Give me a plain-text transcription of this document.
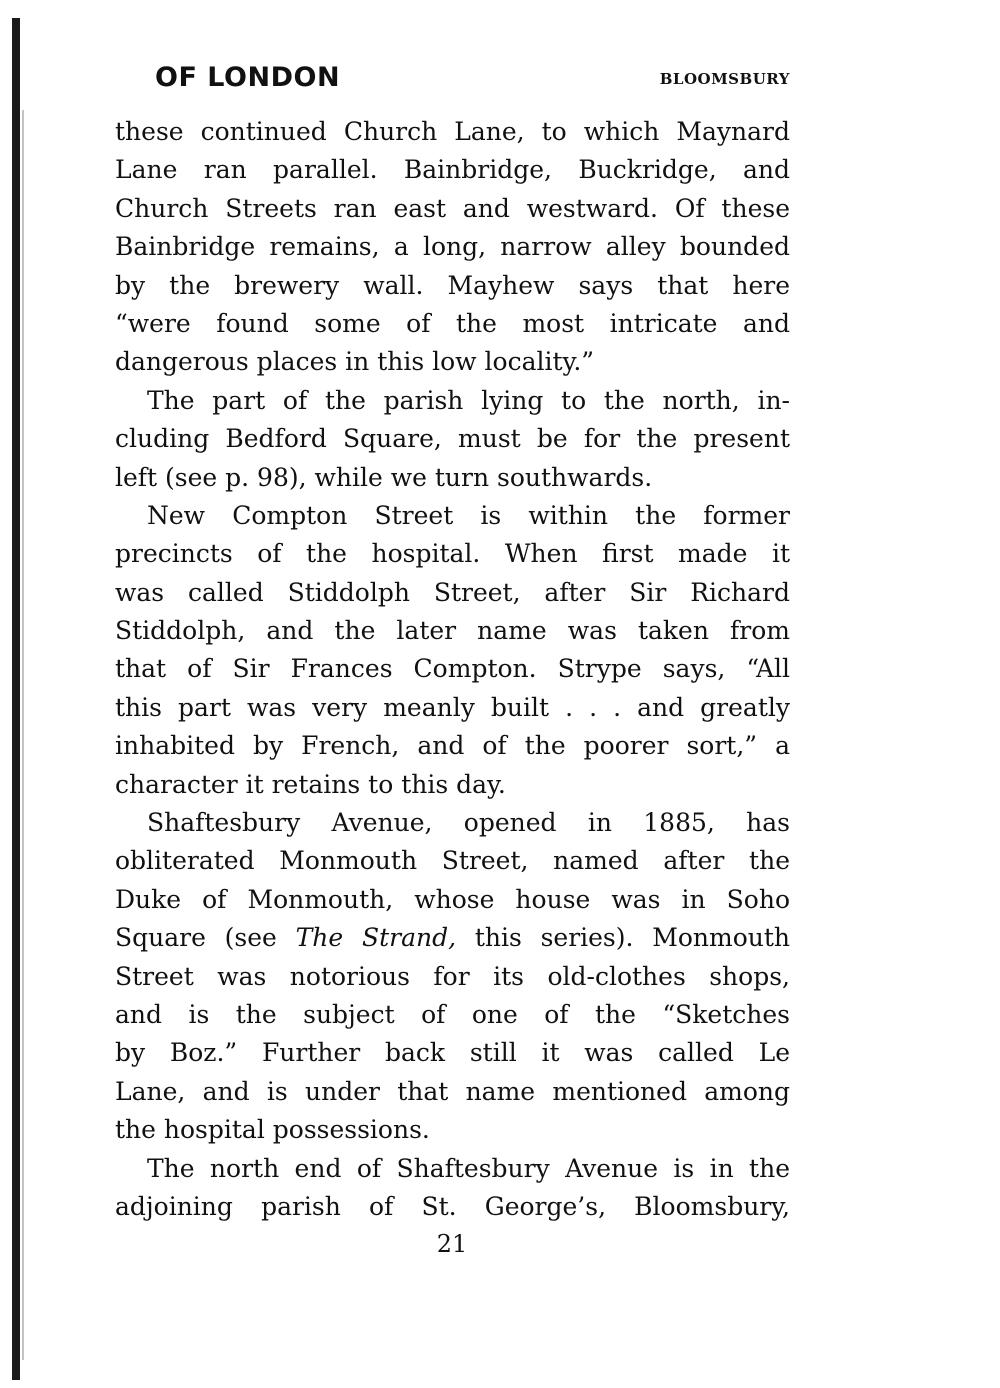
OF LONDON	BLOOMSBURY

these continued Church Lane, to which Maynard
Lane ran parallel. Bainbridge, Buckridge, and
Church Streets ran east and westward. Of these
Bainbridge remains, a long, narrow alley bounded
by the brewery wall. Mayhew says that here
“were found some of the most intricate and
dangerous places in this low locality.”

The part of the parish lying to the north, in-
cluding Bedford Square, must be for the present
left (see p. 98), while we turn southwards.

New Compton Street is within the former
precincts of the hospital. When first made it
was called Stiddolph Street, after Sir Richard
Stiddolph, and the later name was taken from
that of Sir Frances Compton. Strype says, “All
this part was very meanly built . . . and greatly
inhabited by French, and of the poorer sort,” a
character it retains to this day.

Shaftesbury Avenue, opened in 1885, has
obliterated Monmouth Street, named after the
Duke of Monmouth, whose house was in Soho
Square (see The Strand, this series). Monmouth
Street was notorious for its old-clothes shops,
and is the subject of one of the “Sketches
by Boz.” Further back still it was called Le
Lane, and is under that name mentioned among
the hospital possessions.

The north end of Shaftesbury Avenue is in the
adjoining parish of St. George’s, Bloomsbury,

21
